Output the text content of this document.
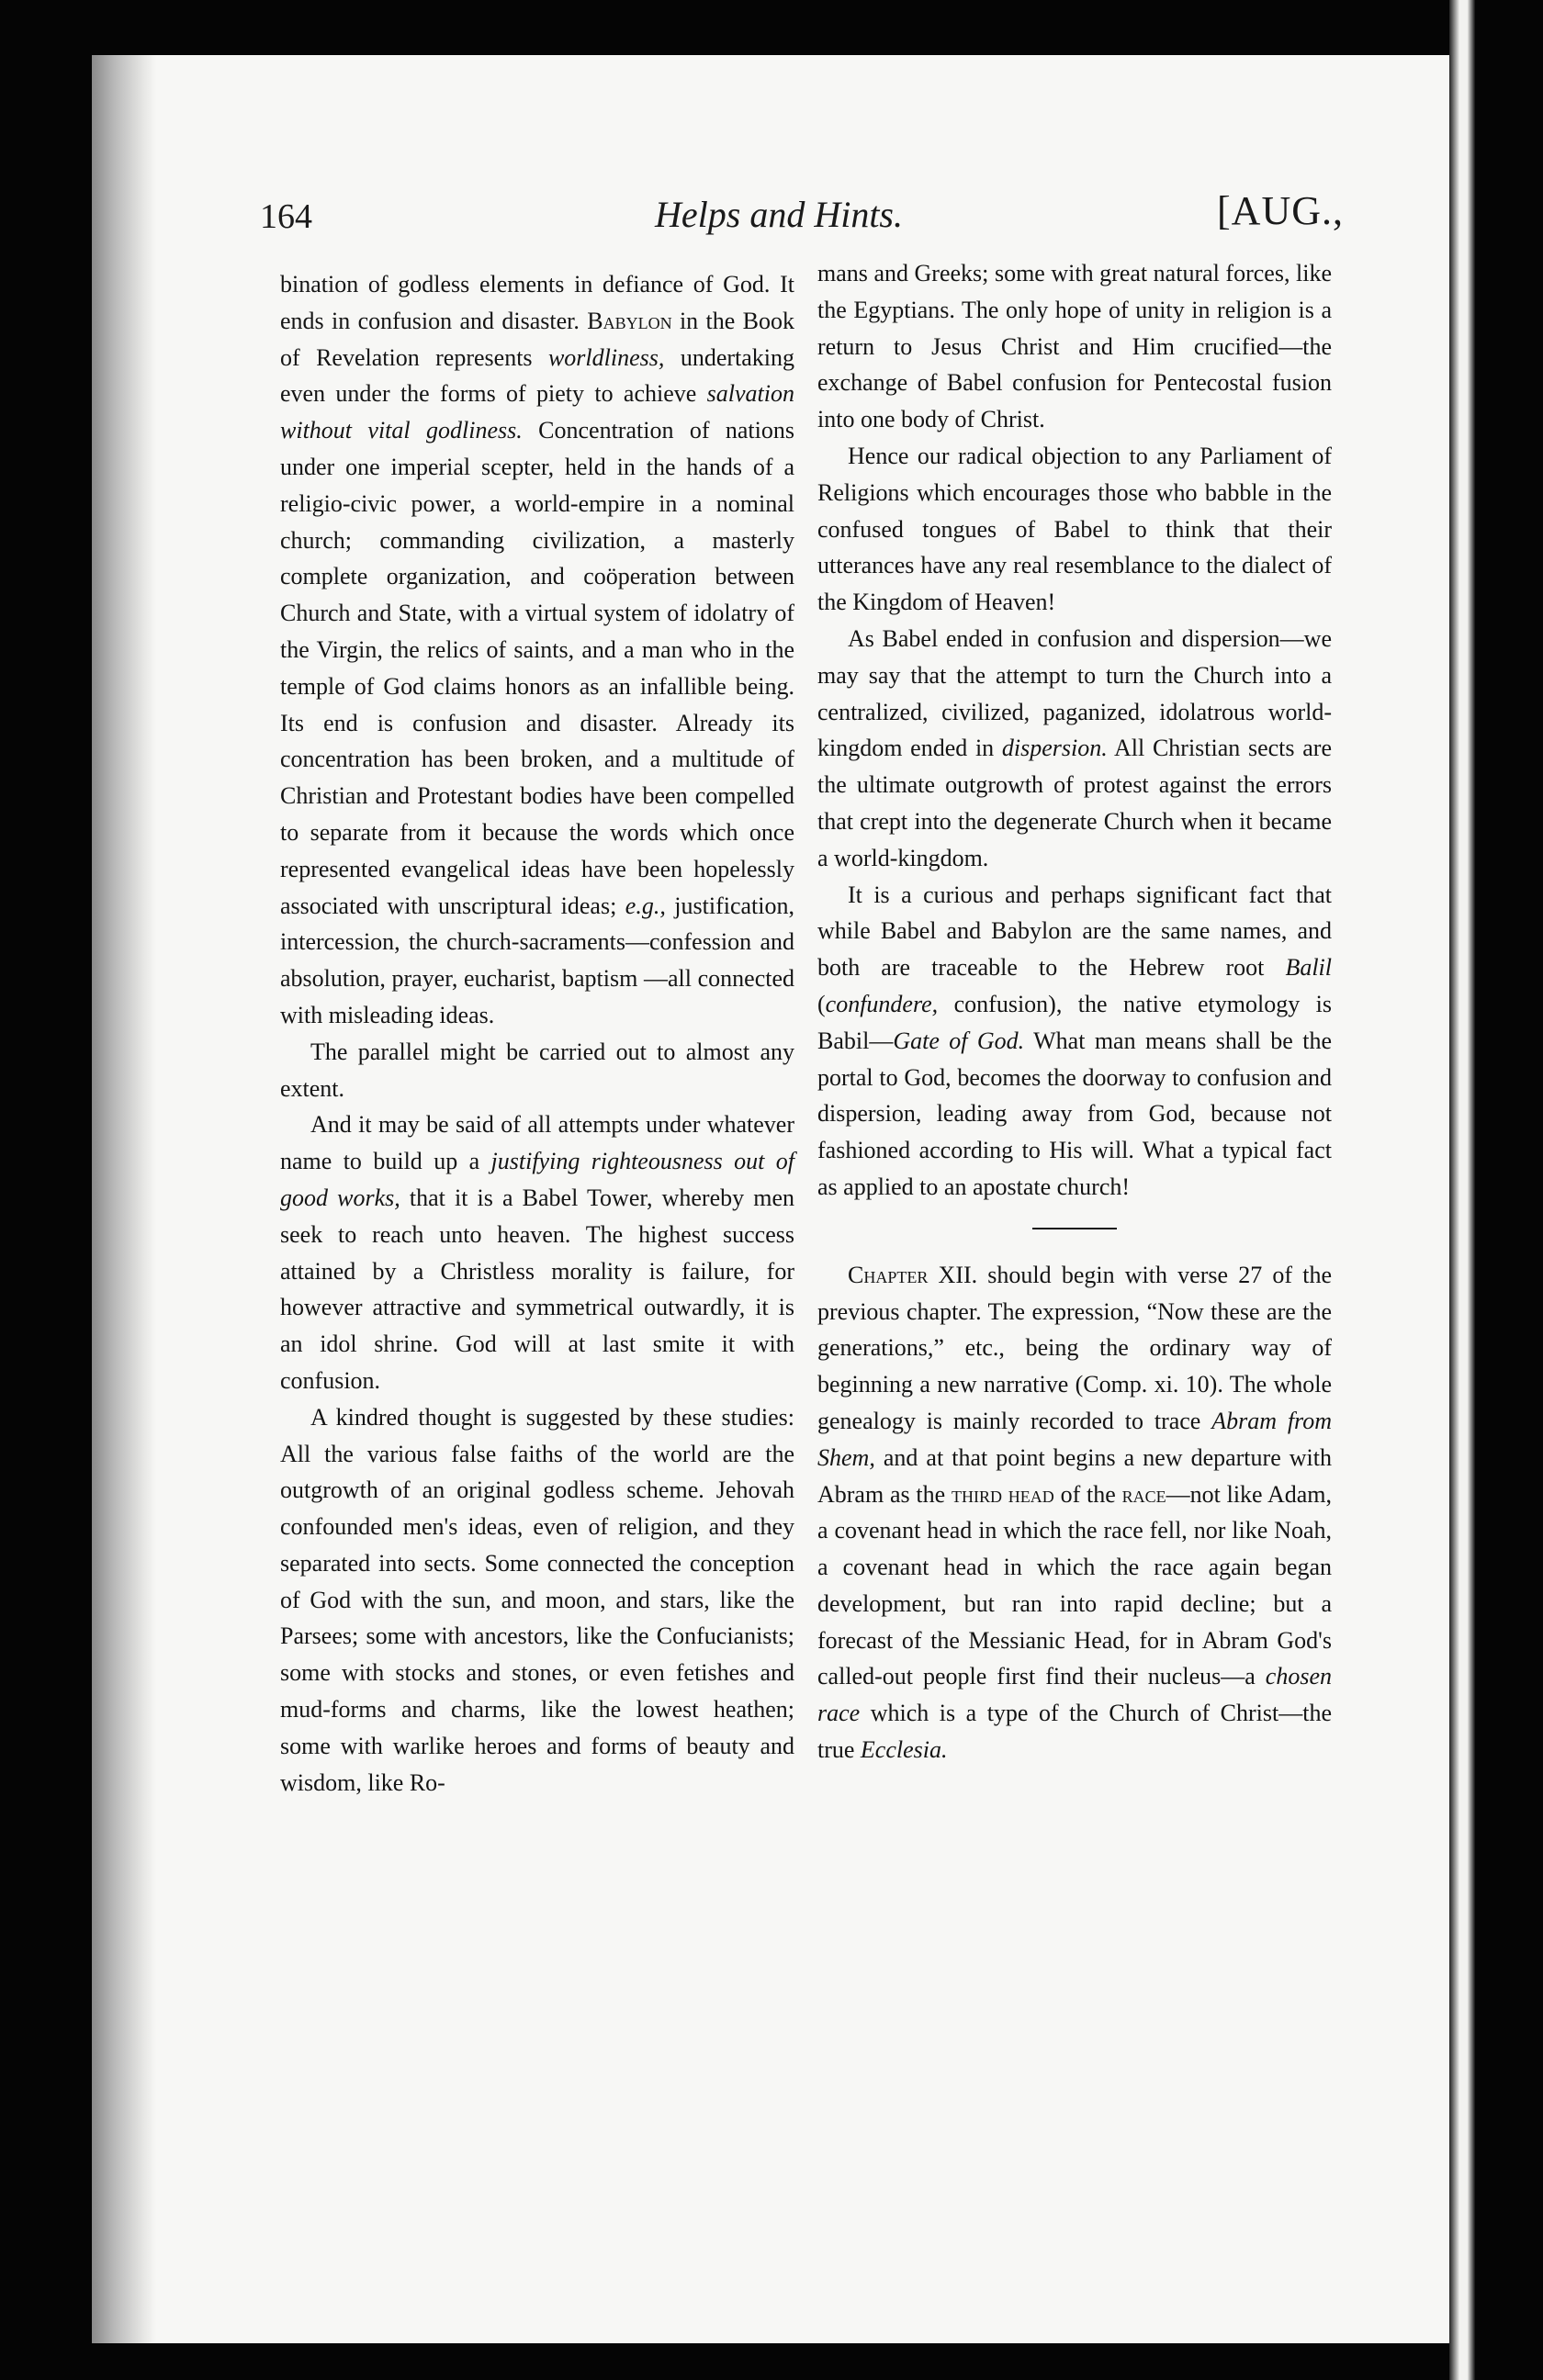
164	Helps and Hints.	[AUG.,

bination of godless elements in defiance of God. It ends in confusion and disaster. Babylon in the Book of Revelation represents worldliness, undertaking even under the forms of piety to achieve salvation without vital godliness. Concentration of nations under one imperial scepter, held in the hands of a religio-civic power, a world-empire in a nominal church; commanding civilization, a masterly complete organization, and coöperation between Church and State, with a virtual system of idolatry of the Virgin, the relics of saints, and a man who in the temple of God claims honors as an infallible being. Its end is confusion and disaster. Already its concentration has been broken, and a multitude of Christian and Protestant bodies have been compelled to separate from it because the words which once represented evangelical ideas have been hopelessly associated with unscriptural ideas; e.g., justification, intercession, the church-sacraments—confession and absolution, prayer, eucharist, baptism —all connected with misleading ideas.

The parallel might be carried out to almost any extent.

And it may be said of all attempts under whatever name to build up a justifying righteousness out of good works, that it is a Babel Tower, whereby men seek to reach unto heaven. The highest success attained by a Christless morality is failure, for however attractive and symmetrical outwardly, it is an idol shrine. God will at last smite it with confusion.

A kindred thought is suggested by these studies: All the various false faiths of the world are the outgrowth of an original godless scheme. Jehovah confounded men's ideas, even of religion, and they separated into sects. Some connected the conception of God with the sun, and moon, and stars, like the Parsees; some with ancestors, like the Confucianists; some with stocks and stones, or even fetishes and mud-forms and charms, like the lowest heathen; some with warlike heroes and forms of beauty and wisdom, like Ro-

mans and Greeks; some with great natural forces, like the Egyptians. The only hope of unity in religion is a return to Jesus Christ and Him crucified—the exchange of Babel confusion for Pentecostal fusion into one body of Christ.

Hence our radical objection to any Parliament of Religions which encourages those who babble in the confused tongues of Babel to think that their utterances have any real resemblance to the dialect of the Kingdom of Heaven!

As Babel ended in confusion and dispersion—we may say that the attempt to turn the Church into a centralized, civilized, paganized, idolatrous world-kingdom ended in dispersion. All Christian sects are the ultimate outgrowth of protest against the errors that crept into the degenerate Church when it became a world-kingdom.

It is a curious and perhaps significant fact that while Babel and Babylon are the same names, and both are traceable to the Hebrew root Balil (confundere, confusion), the native etymology is Babil—Gate of God. What man means shall be the portal to God, becomes the doorway to confusion and dispersion, leading away from God, because not fashioned according to His will. What a typical fact as applied to an apostate church!

Chapter XII. should begin with verse 27 of the previous chapter. The expression, “Now these are the generations,” etc., being the ordinary way of beginning a new narrative (Comp. xi. 10). The whole genealogy is mainly recorded to trace Abram from Shem, and at that point begins a new departure with Abram as the third head of the race—not like Adam, a covenant head in which the race fell, nor like Noah, a covenant head in which the race again began development, but ran into rapid decline; but a forecast of the Messianic Head, for in Abram God's called-out people first find their nucleus—a chosen race which is a type of the Church of Christ—the true Ecclesia.
